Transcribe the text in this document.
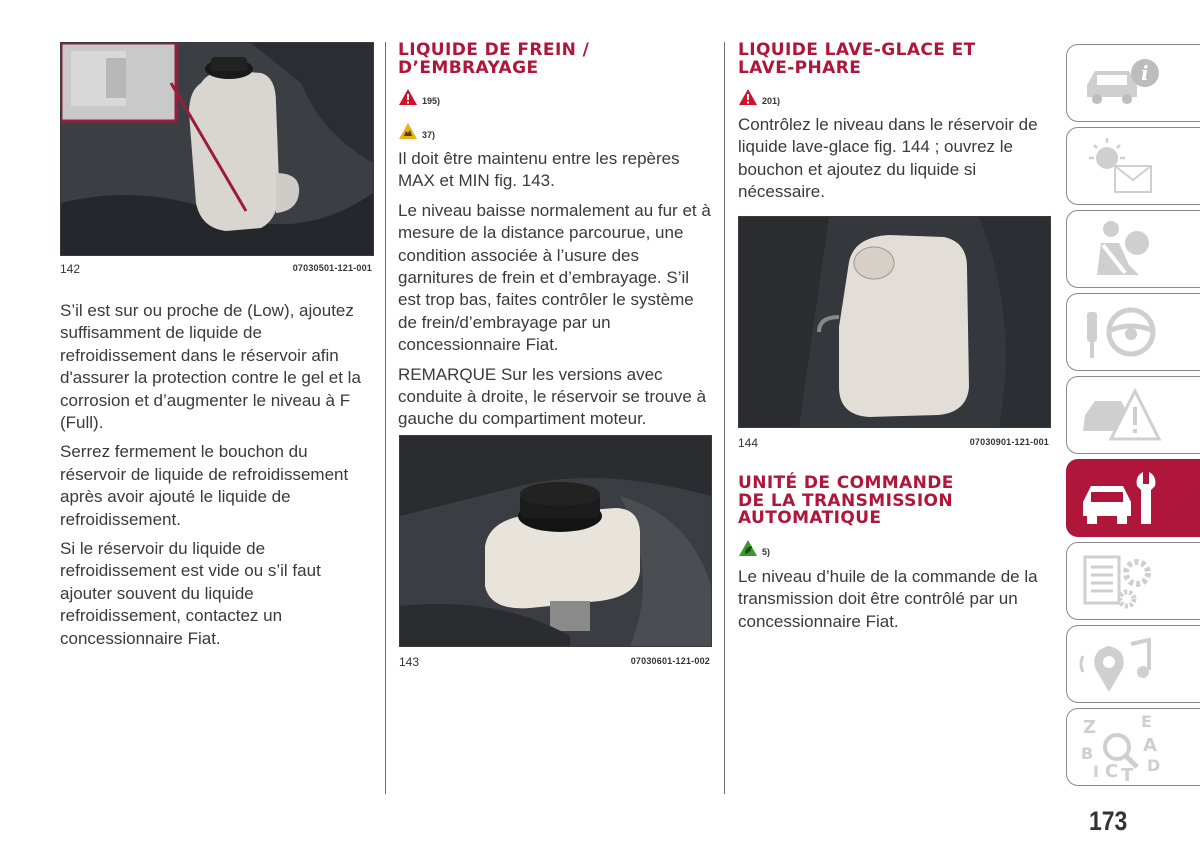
142	07030501-121-001

S’il est sur ou proche de (Low), ajoutez suffisamment de liquide de refroidissement dans le réservoir afin d'assurer la protection contre le gel et la corrosion et d’augmenter le niveau à F (Full).

Serrez fermement le bouchon du réservoir de liquide de refroidissement après avoir ajouté le liquide de refroidissement.

Si le réservoir du liquide de refroidissement est vide ou s’il faut ajouter souvent du liquide refroidissement, contactez un concessionnaire Fiat.

LIQUIDE DE FREIN /
D’EMBRAYAGE
195)
37)

Il doit être maintenu entre les repères MAX et MIN fig. 143.

Le niveau baisse normalement au fur et à mesure de la distance parcourue, une condition associée à l’usure des garnitures de frein et d’embrayage. S’il est trop bas, faites contrôler le système de frein/d’embrayage par un concessionnaire Fiat.

REMARQUE Sur les versions avec conduite à droite, le réservoir se trouve à gauche du compartiment moteur.

143	07030601-121-002
LIQUIDE LAVE-GLACE ET
LAVE-PHARE
201)

Contrôlez le niveau dans le réservoir de liquide lave-glace fig. 144 ; ouvrez le bouchon et ajoutez du liquide si nécessaire.

144	07030901-121-001
UNITÉ DE COMMANDE
DE LA TRANSMISSION
AUTOMATIQUE
5)

Le niveau d’huile de la commande de la transmission doit être contrôlé par un concessionnaire Fiat.

i
Z	E
B	A
I C T D
173
